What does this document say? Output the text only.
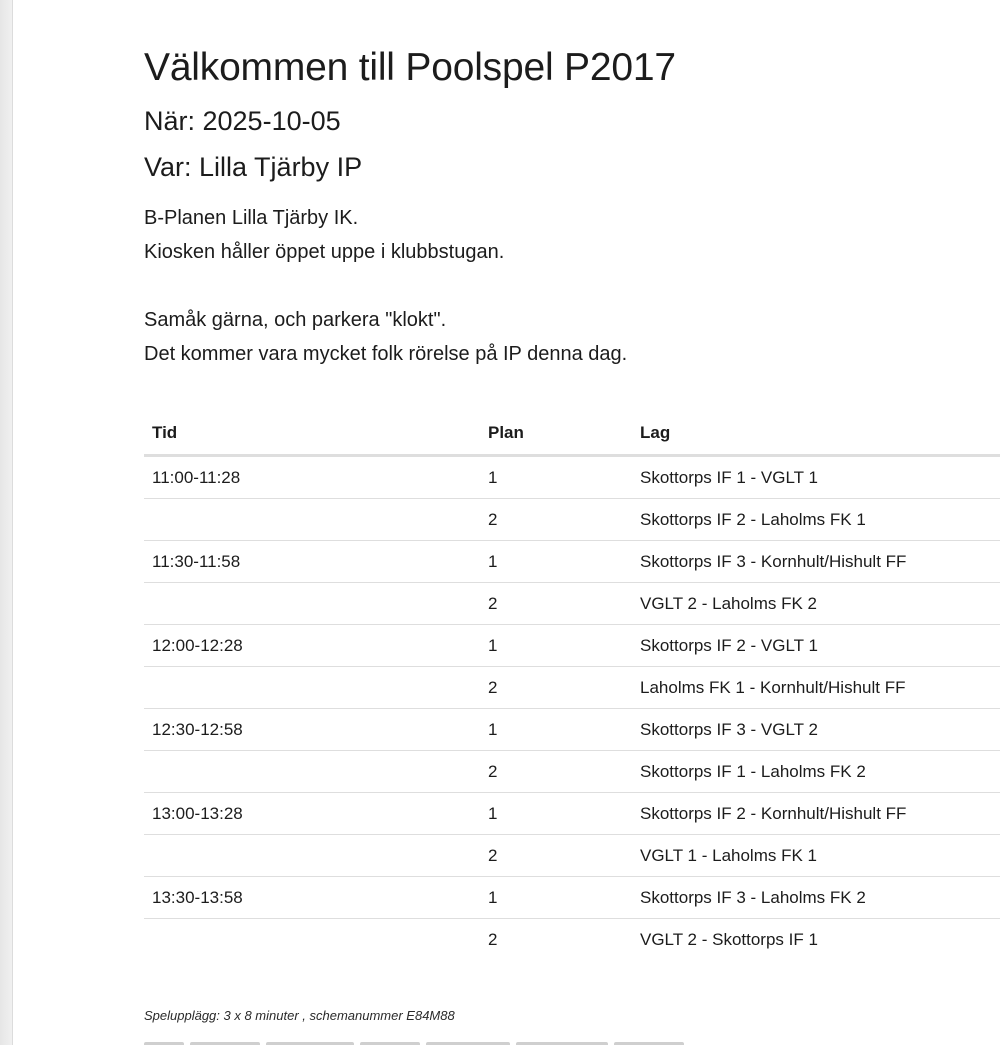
Välkommen till Poolspel P2017
När: 2025-10-05
Var: Lilla Tjärby IP
B-Planen Lilla Tjärby IK.
Kiosken håller öppet uppe i klubbstugan.
Samåk gärna, och parkera "klokt".
Det kommer vara mycket folk rörelse på IP denna dag.
Tid	Plan	Lag
11:00-11:28	1	Skottorps IF 1 - VGLT 1
	2	Skottorps IF 2 - Laholms FK 1
11:30-11:58	1	Skottorps IF 3 - Kornhult/Hishult FF
	2	VGLT 2 - Laholms FK 2
12:00-12:28	1	Skottorps IF 2 - VGLT 1
	2	Laholms FK 1 - Kornhult/Hishult FF
12:30-12:58	1	Skottorps IF 3 - VGLT 2
	2	Skottorps IF 1 - Laholms FK 2
13:00-13:28	1	Skottorps IF 2 - Kornhult/Hishult FF
	2	VGLT 1 - Laholms FK 1
13:30-13:58	1	Skottorps IF 3 - Laholms FK 2
	2	VGLT 2 - Skottorps IF 1
Spelupplägg: 3 x 8 minuter , schemanummer E84M88
